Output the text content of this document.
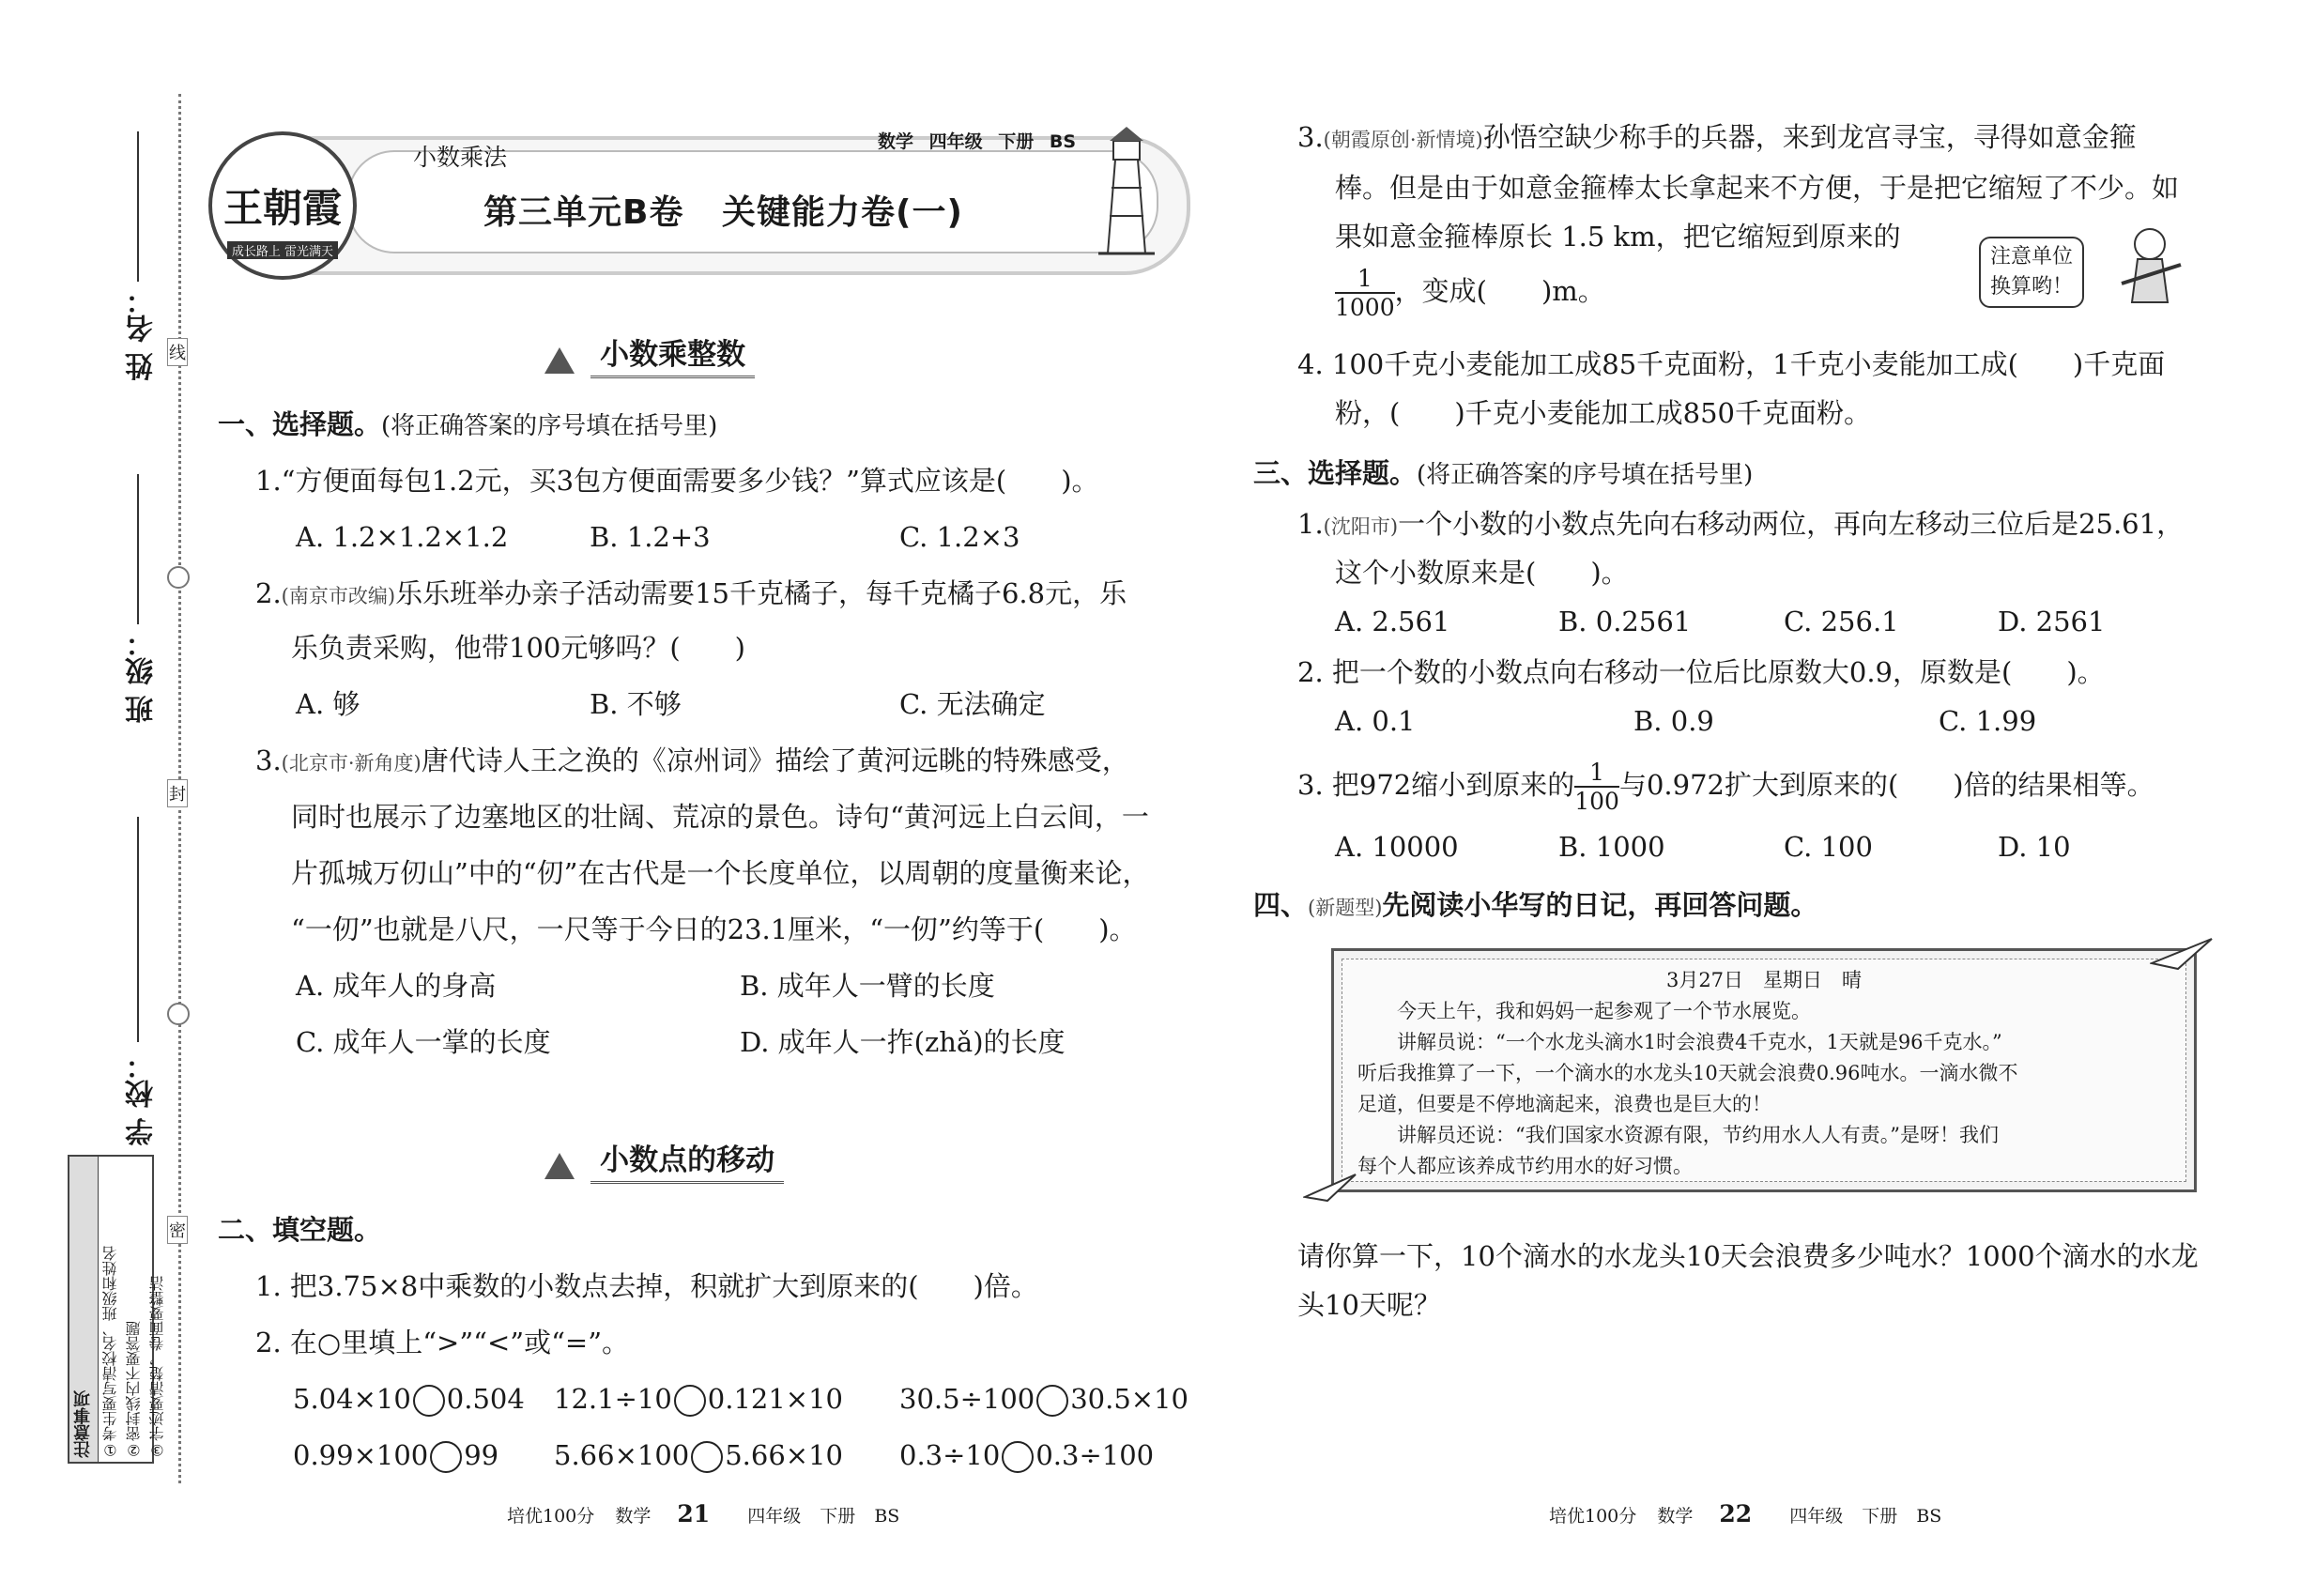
姓 名：
班 级：
学 校：
线
封
密
注意事项 ①考生要写清校名、班级和姓名 ②密封线内不要答题 ③字迹要清楚，卷面要整洁
王朝霞
成长路上 雷光满天
小数乘法
数学 四年级 下册 BS
第三单元B卷   关键能力卷(一)
小数乘整数
一、选择题。(将正确答案的序号填在括号里)
1.“方便面每包1.2元，买3包方便面需要多少钱？”算式应该是(　　)。
A. 1.2×1.2×1.2	B. 1.2+3	C. 1.2×3
2.(南京市改编)乐乐班举办亲子活动需要15千克橘子，每千克橘子6.8元，乐
乐负责采购，他带100元够吗？(　　)
A. 够	B. 不够	C. 无法确定
3.(北京市·新角度)唐代诗人王之涣的《凉州词》描绘了黄河远眺的特殊感受，
同时也展示了边塞地区的壮阔、荒凉的景色。诗句“黄河远上白云间，一
片孤城万仞山”中的“仞”在古代是一个长度单位，以周朝的度量衡来论，
“一仞”也就是八尺，一尺等于今日的23.1厘米，“一仞”约等于(　　)。
A. 成年人的身高	B. 成年人一臂的长度
C. 成年人一掌的长度	D. 成年人一拃(zhǎ)的长度
小数点的移动
二、填空题。
1. 把3.75×8中乘数的小数点去掉，积就扩大到原来的(　　)倍。
2. 在○里填上“>”“<”或“=”。
5.04×10 0.504 12.1÷10 0.121×10 30.5÷100 30.5×10
0.99×100 99 5.66×100 5.66×10 0.3÷10 0.3÷100
培优100分 数学 21 四年级 下册 BS
3.(朝霞原创·新情境)孙悟空缺少称手的兵器，来到龙宫寻宝，寻得如意金箍
棒。但是由于如意金箍棒太长拿起来不方便，于是把它缩短了不少。如
果如意金箍棒原长 1.5 km，把它缩短到原来的
$\frac{1}{1000}$ ，变成(　　)m。
注意单位
换算哟！
4. 100千克小麦能加工成85千克面粉，1千克小麦能加工成(　　)千克面
粉，(　　)千克小麦能加工成850千克面粉。
三、选择题。(将正确答案的序号填在括号里)
1.(沈阳市)一个小数的小数点先向右移动两位，再向左移动三位后是25.61，
这个小数原来是(　　)。
A. 2.561	B. 0.2561	C. 256.1	D. 2561
2. 把一个数的小数点向右移动一位后比原数大0.9，原数是(　　)。
A. 0.1	B. 0.9	C. 1.99
3. 把972缩小到原来的 $\frac{1}{100}$ 与0.972扩大到原来的(　　)倍的结果相等。
A. 10000	B. 1000	C. 100	D. 10
四、(新题型)先阅读小华写的日记，再回答问题。
3月27日　星期日　晴
今天上午，我和妈妈一起参观了一个节水展览。
讲解员说：“一个水龙头滴水1时会浪费4千克水，1天就是96千克水。”
听后我推算了一下，一个滴水的水龙头10天就会浪费0.96吨水。一滴水微不
足道，但要是不停地滴起来，浪费也是巨大的！
讲解员还说：“我们国家水资源有限，节约用水人人有责。”是呀！我们
每个人都应该养成节约用水的好习惯。
请你算一下，10个滴水的水龙头10天会浪费多少吨水？1000个滴水的水龙
头10天呢？
培优100分 数学 22 四年级 下册 BS
